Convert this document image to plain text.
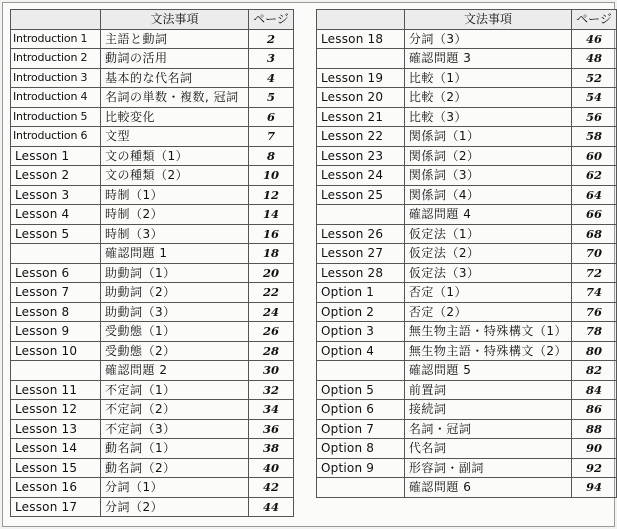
	文法事項	ページ
Introduction 1	主語と動詞	2
Introduction 2	動詞の活用	3
Introduction 3	基本的な代名詞	4
Introduction 4	名詞の単数・複数, 冠詞	5
Introduction 5	比較変化	6
Introduction 6	文型	7
Lesson 1	文の種類（1）	8
Lesson 2	文の種類（2）	10
Lesson 3	時制（1）	12
Lesson 4	時制（2）	14
Lesson 5	時制（3）	16
	確認問題 1	18
Lesson 6	助動詞（1）	20
Lesson 7	助動詞（2）	22
Lesson 8	助動詞（3）	24
Lesson 9	受動態（1）	26
Lesson 10	受動態（2）	28
	確認問題 2	30
Lesson 11	不定詞（1）	32
Lesson 12	不定詞（2）	34
Lesson 13	不定詞（3）	36
Lesson 14	動名詞（1）	38
Lesson 15	動名詞（2）	40
Lesson 16	分詞（1）	42
Lesson 17	分詞（2）	44
	文法事項	ページ
Lesson 18	分詞（3）	46
	確認問題 3	48
Lesson 19	比較（1）	52
Lesson 20	比較（2）	54
Lesson 21	比較（3）	56
Lesson 22	関係詞（1）	58
Lesson 23	関係詞（2）	60
Lesson 24	関係詞（3）	62
Lesson 25	関係詞（4）	64
	確認問題 4	66
Lesson 26	仮定法（1）	68
Lesson 27	仮定法（2）	70
Lesson 28	仮定法（3）	72
Option 1	否定（1）	74
Option 2	否定（2）	76
Option 3	無生物主語・特殊構文（1）	78
Option 4	無生物主語・特殊構文（2）	80
	確認問題 5	82
Option 5	前置詞	84
Option 6	接続詞	86
Option 7	名詞・冠詞	88
Option 8	代名詞	90
Option 9	形容詞・副詞	92
	確認問題 6	94
